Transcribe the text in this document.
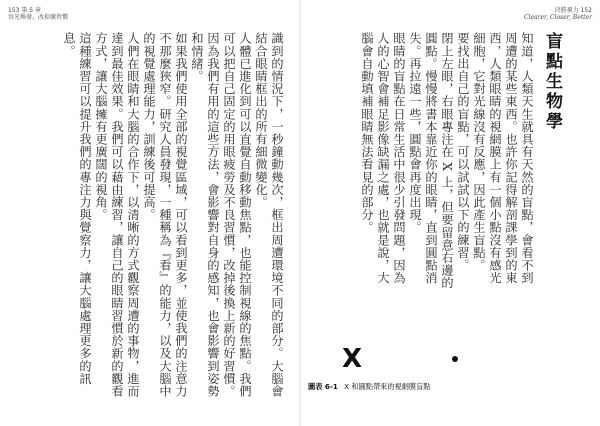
153 第 5 章
容光煥發，改掉壞習慣

識到的情況下，一秒鐘動幾次，框出周遭環境不同的部分。大腦會結合眼睛框出的所有細微變化。

人體已進化到可以直覺自動移動焦點，也能控制視線的焦點。我們可以把自己固定的用眼疲勞及不良習慣，改掉後換上新的好習慣。因為我們有用的這些方法，會影響對自身的感知，也會影響到姿勢和情緒。

如果我們使用全部的視覺區域，可以看到更多，並使我們的注意力不那麼狹窄。研究人員發現，一種稱為『看』的能力，以及大腦中的視覺處理能力，訓練後可提高。

人們在眼睛和大腦的合作下，以清晰的方式觀察周遭的事物，進而達到最佳效果。我們可以藉由練習，讓自己的眼睛習慣於新的觀看方式，讓大腦擁有更廣闊的視角。

這種練習可以提升我們的專注力與覺察力，讓大腦處理更多的訊息。

決勝視力 152
Clearer, Closer, Better
盲點生物學

知道，人類天生就具有天然的盲點，會看不到周遭的某些東西。也許你記得解剖課學到的東西，人類眼睛的視網膜上有一個小點沒有感光細胞，它對光線沒有反應，因此產生盲點。

要找出自己的盲點，可以試試以下的練習。

閉上左眼，右眼專注在 X 上，但要留意右邊的圓點。慢慢將書本靠近你的眼睛，直到圓點消失。再拉遠一些，圓點會再度出現。

眼睛的盲點在日常生活中很少引發問題，因為人的心智會補足影像缺漏之處，也就是說，大腦會自動填補眼睛無法看見的部分。

X
圖表 6-1 X 和圓點帶來的視網膜盲點
